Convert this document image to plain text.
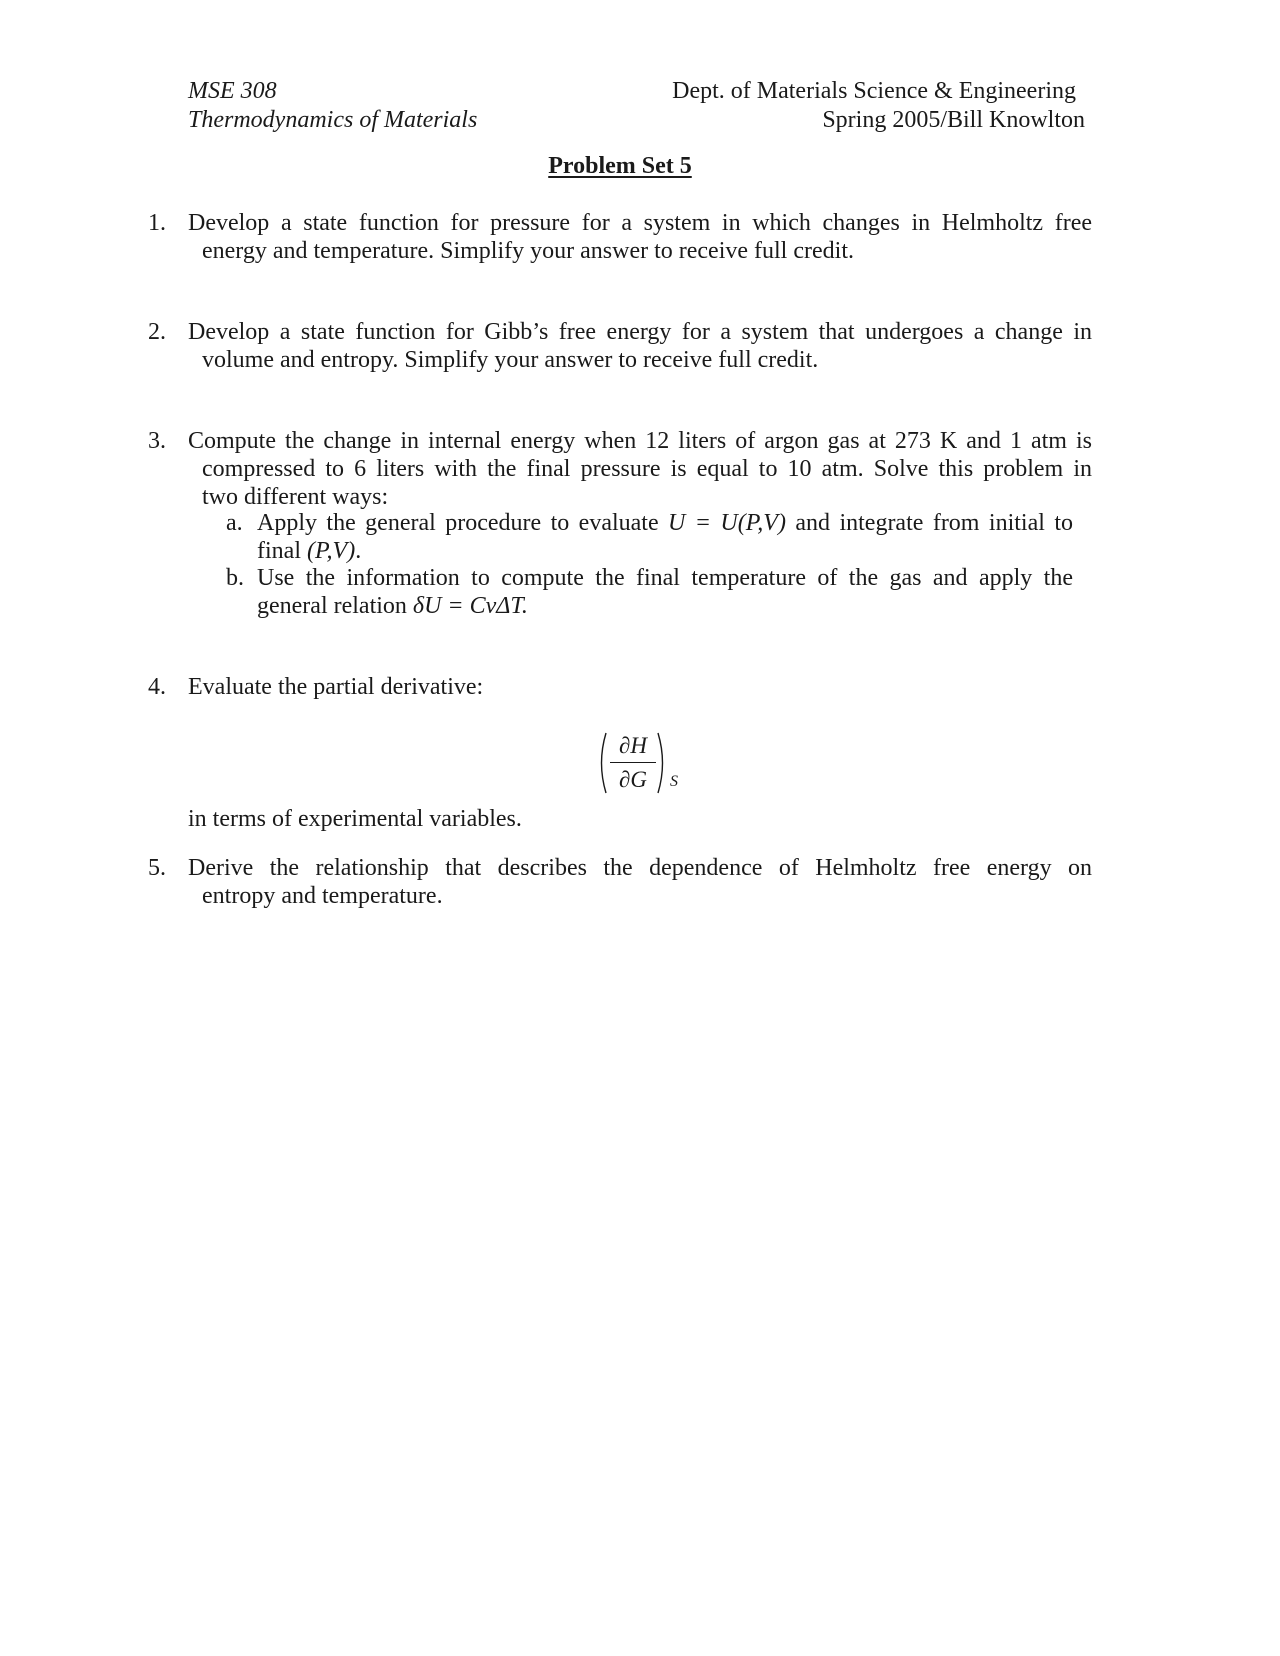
MSE 308
Thermodynamics of Materials
Dept. of Materials Science & Engineering
Spring 2005/Bill Knowlton
Problem Set 5
1. Develop a state function for pressure for a system in which changes in Helmholtz free
energy and temperature. Simplify your answer to receive full credit.
2. Develop a state function for Gibb’s free energy for a system that undergoes a change in
volume and entropy. Simplify your answer to receive full credit.
3. Compute the change in internal energy when 12 liters of argon gas at 273 K and 1 atm is
compressed to 6 liters with the final pressure is equal to 10 atm. Solve this problem in
two different ways:
a. Apply the general procedure to evaluate U = U(P,V) and integrate from initial to
final (P,V).
b. Use the information to compute the final temperature of the gas and apply the
general relation δU = CvΔT.
4. Evaluate the partial derivative:
∂H
∂G	S
in terms of experimental variables.
5. Derive the relationship that describes the dependence of Helmholtz free energy on
entropy and temperature.
